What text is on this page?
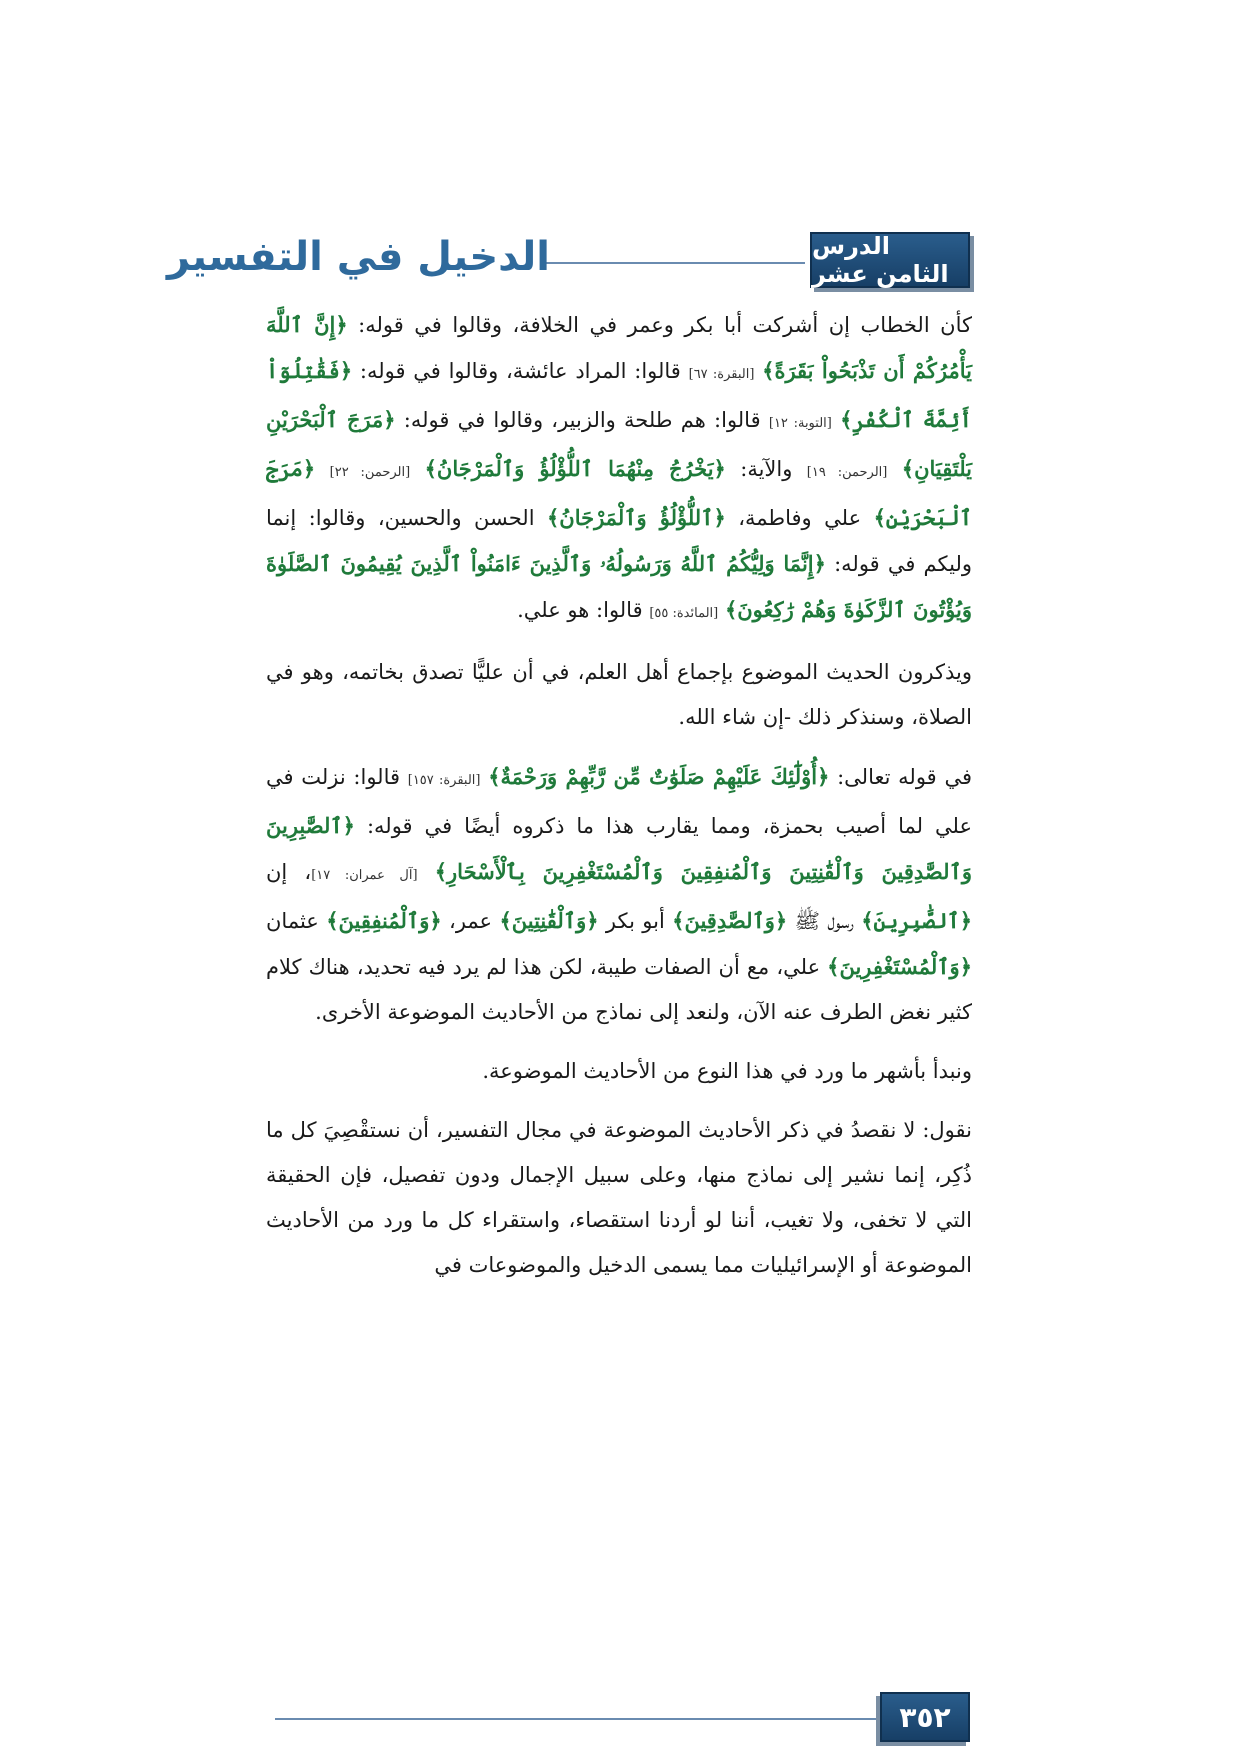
الدرس الثامن عشر
الدخيل في التفسير

كأن الخطاب إن أشركت أبا بكر وعمر في الخلافة، وقالوا في قوله: ﴿إِنَّ ٱللَّهَ يَأْمُرُكُمْ أَن تَذْبَحُواْ بَقَرَةً﴾ [البقرة: ٦٧] قالوا: المراد عائشة، وقالوا في قوله: ﴿فَقَٰتِلُوٓاْ أَئِمَّةَ ٱلْكُفْرِ﴾ [التوبة: ١٢] قالوا: هم طلحة والزبير، وقالوا في قوله: ﴿مَرَجَ ٱلْبَحْرَيْنِ يَلْتَقِيَانِ﴾ [الرحمن: ١٩] والآية: ﴿يَخْرُجُ مِنْهُمَا ٱللُّؤْلُؤُ وَٱلْمَرْجَانُ﴾ [الرحمن: ٢٢] ﴿مَرَجَ ٱلْبَحْرَيْنِ﴾ علي وفاطمة، ﴿ٱللُّؤْلُؤُ وَٱلْمَرْجَانُ﴾ الحسن والحسين، وقالوا: إنما وليكم في قوله: ﴿إِنَّمَا وَلِيُّكُمُ ٱللَّهُ وَرَسُولُهُۥ وَٱلَّذِينَ ءَامَنُواْ ٱلَّذِينَ يُقِيمُونَ ٱلصَّلَوٰةَ وَيُؤْتُونَ ٱلزَّكَوٰةَ وَهُمْ رَٰكِعُونَ﴾ [المائدة: ٥٥] قالوا: هو علي.

ويذكرون الحديث الموضوع بإجماع أهل العلم، في أن عليًّا تصدق بخاتمه، وهو في الصلاة، وسنذكر ذلك -إن شاء الله.

في قوله تعالى: ﴿أُوْلَٰٓئِكَ عَلَيْهِمْ صَلَوَٰتٌ مِّن رَّبِّهِمْ وَرَحْمَةٌ﴾ [البقرة: ١٥٧] قالوا: نزلت في علي لما أصيب بحمزة، ومما يقارب هذا ما ذكروه أيضًا في قوله: ﴿ٱلصَّٰبِرِينَ وَٱلصَّٰدِقِينَ وَٱلْقَٰنِتِينَ وَٱلْمُنفِقِينَ وَٱلْمُسْتَغْفِرِينَ بِٱلْأَسْحَارِ﴾ [آل عمران: ١٧]، إن ﴿ٱلصَّٰبِرِينَ﴾ رسول ﷺ ﴿وَٱلصَّٰدِقِينَ﴾ أبو بكر ﴿وَٱلْقَٰنِتِينَ﴾ عمر، ﴿وَٱلْمُنفِقِينَ﴾ عثمان ﴿وَٱلْمُسْتَغْفِرِينَ﴾ علي، مع أن الصفات طيبة، لكن هذا لم يرد فيه تحديد، هناك كلام كثير نغض الطرف عنه الآن، ولنعد إلى نماذج من الأحاديث الموضوعة الأخرى.

ونبدأ بأشهر ما ورد في هذا النوع من الأحاديث الموضوعة.

نقول: لا نقصدُ في ذكر الأحاديث الموضوعة في مجال التفسير، أن نستقْصِيَ كل ما ذُكِر، إنما نشير إلى نماذج منها، وعلى سبيل الإجمال ودون تفصيل، فإن الحقيقة التي لا تخفى، ولا تغيب، أننا لو أردنا استقصاء، واستقراء كل ما ورد من الأحاديث الموضوعة أو الإسرائيليات مما يسمى الدخيل والموضوعات في

٣٥٢
